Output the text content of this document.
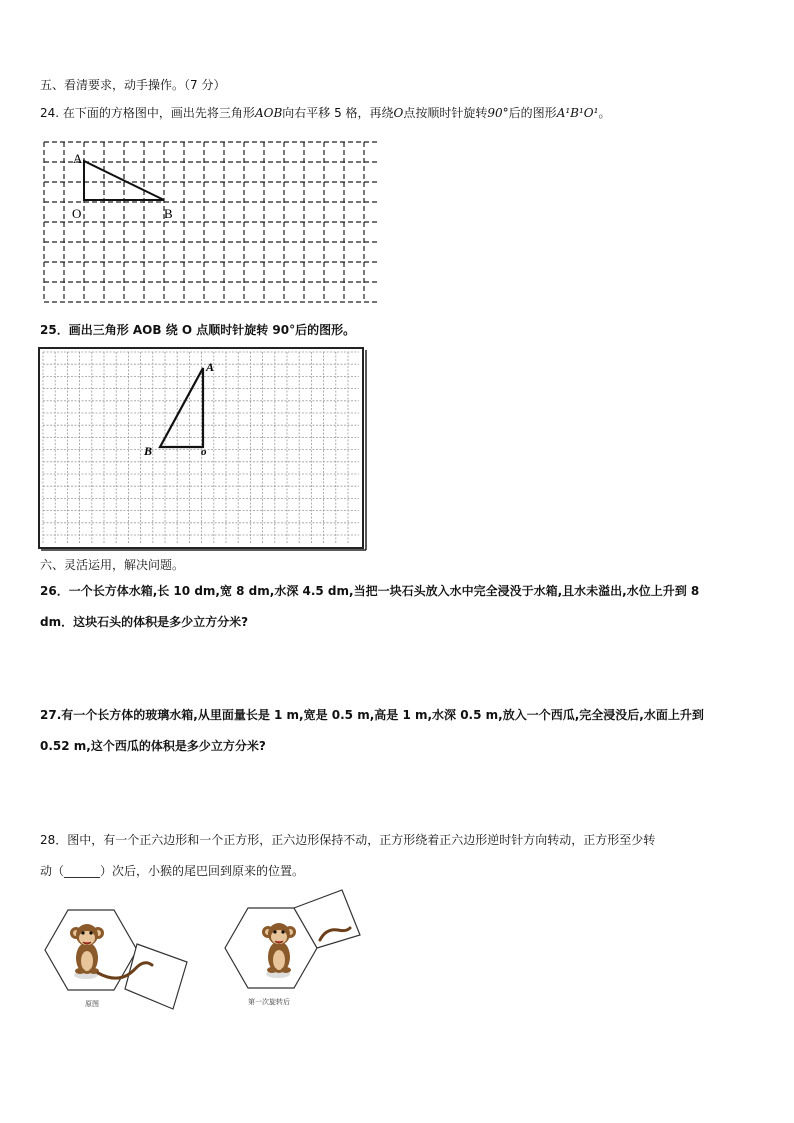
五、看清要求，动手操作。（7 分）
24. 在下面的方格图中，画出先将三角形AOB向右平移 5 格，再绕O点按顺时针旋转90°后的图形A¹B¹O¹。
A
O	B
25．画出三角形 AOB 绕 O 点顺时针旋转 90°后的图形。
A
B	o
六、灵活运用，解决问题。
26．一个长方体水箱,长 10 dm,宽 8 dm,水深 4.5 dm,当把一块石头放入水中完全浸没于水箱,且水未溢出,水位上升到 8
dm．这块石头的体积是多少立方分米?
27.有一个长方体的玻璃水箱,从里面量长是 1 m,宽是 0.5 m,高是 1 m,水深 0.5 m,放入一个西瓜,完全浸没后,水面上升到
0.52 m,这个西瓜的体积是多少立方分米?
28．图中，有一个正六边形和一个正方形，正六边形保持不动，正方形绕着正六边形逆时针方向转动，正方形至少转
动（______）次后，小猴的尾巴回到原来的位置。
原图	第一次旋转后
